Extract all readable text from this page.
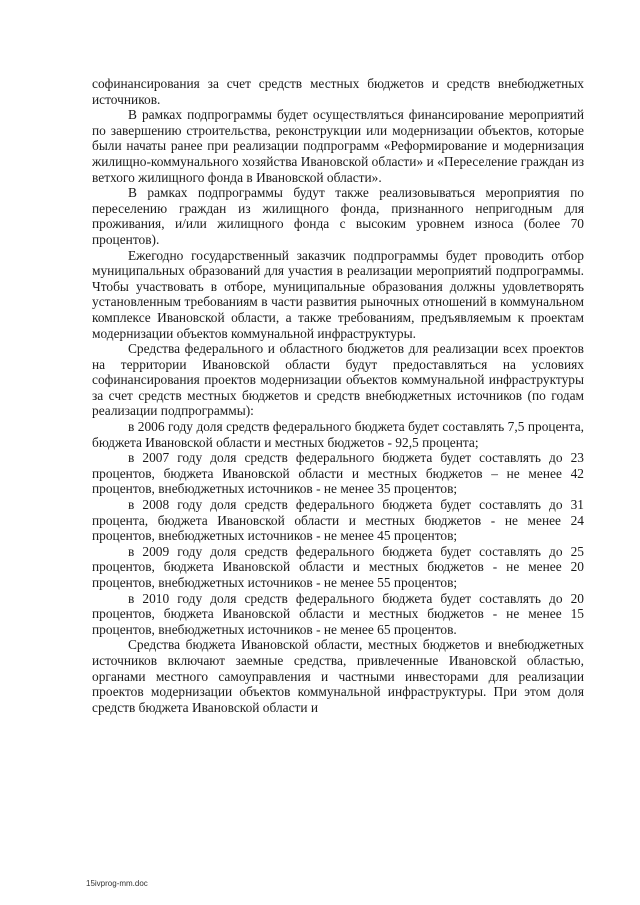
софинансирования за счет средств местных бюджетов и средств внебюджетных источников.

В рамках подпрограммы будет осуществляться финансирование мероприятий по завершению строительства, реконструкции или модернизации объектов, которые были начаты ранее при реализации подпрограмм «Реформирование и модернизация жилищно-коммунального хозяйства Ивановской области» и «Переселение граждан из ветхого жилищного фонда в Ивановской области».

В рамках подпрограммы будут также реализовываться мероприятия по переселению граждан из жилищного фонда, признанного непригодным для проживания, и/или жилищного фонда с высоким уровнем износа (более 70 процентов).

Ежегодно государственный заказчик подпрограммы будет проводить отбор муниципальных образований для участия в реализации мероприятий подпрограммы. Чтобы участвовать в отборе, муниципальные образования должны удовлетворять установленным требованиям в части развития рыночных отношений в коммунальном комплексе Ивановской области, а также требованиям, предъявляемым к проектам модернизации объектов коммунальной инфраструктуры.

Средства федерального и областного бюджетов для реализации всех проектов на территории Ивановской области будут предоставляться на условиях софинансирования проектов модернизации объектов коммунальной инфраструктуры за счет средств местных бюджетов и средств внебюджетных источников (по годам реализации подпрограммы):

в 2006 году доля средств федерального бюджета будет составлять 7,5 процента, бюджета Ивановской области и местных бюджетов - 92,5 процента;

в 2007 году доля средств федерального бюджета будет составлять до 23 процентов, бюджета Ивановской области и местных бюджетов – не менее 42 процентов, внебюджетных источников - не менее 35 процентов;

в 2008 году доля средств федерального бюджета будет составлять до 31 процента, бюджета Ивановской области и местных бюджетов - не менее 24 процентов, внебюджетных источников - не менее 45 процентов;

в 2009 году доля средств федерального бюджета будет составлять до 25 процентов, бюджета Ивановской области и местных бюджетов - не менее 20 процентов, внебюджетных источников - не менее 55 процентов;

в 2010 году доля средств федерального бюджета будет составлять до 20 процентов, бюджета Ивановской области и местных бюджетов - не менее 15 процентов, внебюджетных источников - не менее 65 процентов.

Средства бюджета Ивановской области, местных бюджетов и внебюджетных источников включают заемные средства, привлеченные Ивановской областью, органами местного самоуправления и частными инвесторами для реализации проектов модернизации объектов коммунальной инфраструктуры. При этом доля средств бюджета Ивановской области и

15ivprog-mm.doc
